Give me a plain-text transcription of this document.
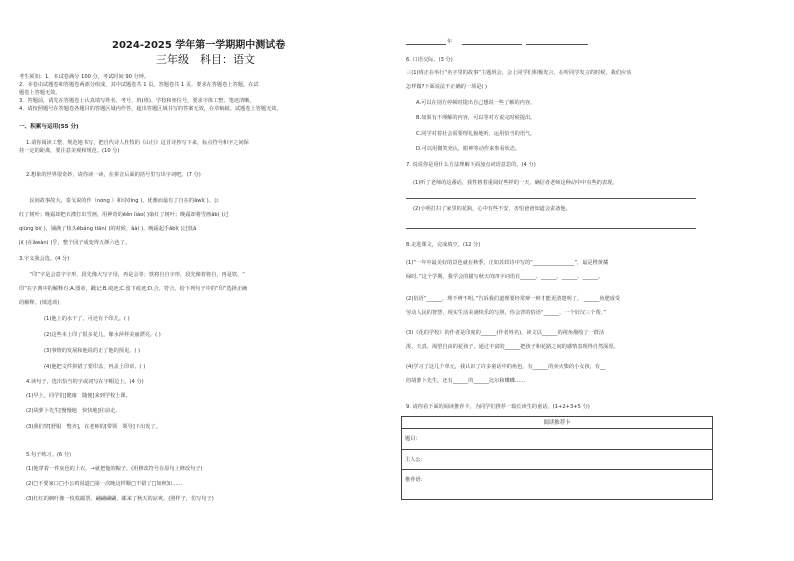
2024-2025 学年第一学期期中测试卷
三年级　科目：语文
考生须知：1．本试卷满分 100 分，考试时间 90 分钟。
2．本卷由试题卷和答题卷两部分组成，其中试题卷共 1 页，答题卷共 1 页，要求在答题卷上答题，在试
题卷上答题无效。
3．答题前，请先在答题卷上认真填写姓名、考号、班(班)、学校和座位号，要求字体工整、笔迹清晰。
4．请按照题号在答题卷各题目的答题区域内作答，超出答题区域书写的答案无效，在草稿纸、试题卷上答题无效。
一、积累与运用(55 分)
1.请你阅读工整、规范地书写，把自代诗人杜牧的《山行》这首诗抄写下来，标点符号和字之间保
持一定的距离，要注意美观和规范。(10 分)
2.想象的世界很奇妙，请你读一读，在拼音后面的括号里写出字词吧。(7 分)
　　民间故事故大，泰戈说的作（nóng ）和诗(líng )，优雅而最有了自在的ǎwǐ( )。公
红了树叶；晚霜却把衣襟打出雪画，用神奇的ěěn lìào( )染红了树叶；晚霜却将雪画ǎb( )过
qiūng bì( )，铺满了枝头ěbáng tiān( )的时候，ǎà( )，晚霜起手ǎbǐ( )过低ǎ
jì( )在ǎwàn( )乎，整个园子成变得五颜六色了。
3.字义我会选。(4 分)
　　“印”字是会意字字形，段先像大写字母，再是会等；铁将自自字形，段先像着将自，再是铁，“
印”在字典中的解释有:A.图章，戳记;B.痕迹;C.留下痕迹;D.合，符合。给下列句子中的“印”选择正确
的解释。(填选项)
(1)他上的水干了，可还有个印儿。( )
(2)这些本上印了很多花儿，像水萍样美丽漂亮。( )
(3)事情的发展和他说的正了他的预见。( )
(4)他把文件拼错了要印盖，再盖上印章。( )
4.读句子，选出恰当的字或词写在字帽边上。(4 分)
(1)早上，同学们[健康　随便]来到学校上课。
(2)胡萝卜先生[慢慢地　快快地]往前走。
(3)我们穿[舒服　整齐]，在老师的[带领　领导]下出发了。
5.句子练习。(6 分)
(1)他穿着一件灰色的上衣。→就把他的帽子。(用修改符号在原句上修改句子)
(2)□不要家口□小公鸡说道□第一次晚这样顺□不错了□如秋知……
(3)红红的枫叶像一枚枚邮票。翩翩翩翩，邮来了秋天的凉爽。(照样子，仿写句子)
年
6. 口语交际。(3 分)
三(1)班正在举行“名字里的故事”主题班会，会上同学们积极发言，在听同学发言的时候，我们应该
怎样做?下面说法不正确的一项是( )
A.可以在别方停顿时提出自己想说一些了解的内容。
B.如果有不理解的内容，可以等对方说完时候提出。
C.同学对着社会需要理礼貌地听，运用恰当的语气。
D.可以用微笑充认，眼神等动作来参看状态。
7. 说说你是用什么方法理解下面加点词语意思的。(4 分)
(1)听了老师的这番话，我性格着重阅好些样的一天，确信者老师这种动中中有些的表现。
(2)小明打扫了家里的花瓶，心中有些不安，害怕爸爸知道会责备他。
8.走进课文，完成填空。(12 分)
(1)“一年中最美好的景色就在秋季，正如苏轼诗中写的“________________”，最是橙黄橘
绿时。”这个学期，我学会的描写秋天的四字词语有______、______、______、______。
(2)俗语“______，理不辨不明。”告诉我们道理要经常辩一辩才能更清楚明了。 ______鱼肥成受
劳动人民的智慧，现实生活美满快乐的写照，你会背的俗语“______，一个好汉三个帮。”
(3)《花的学校》的作者是印度的______(作者姓名)，读文以______的视角描绘了一群活
泼、天真、渴望自由的花孩子，通过丰富的______把孩子和花路之间的感情表现得自然深厚。
(4)学习了这几个单元，我认识了许多童话中的角色，有______的卖火柴的小女孩，有__
的胡萝卜先生，还有______的______比尔和蝶蝶……
9. 请你看下面的阅读推荐卡，为同学们推荐一篇长读生的童话。(1+2+3+5 分)
阅读推荐卡
题目：
主人公：
推荐语：
